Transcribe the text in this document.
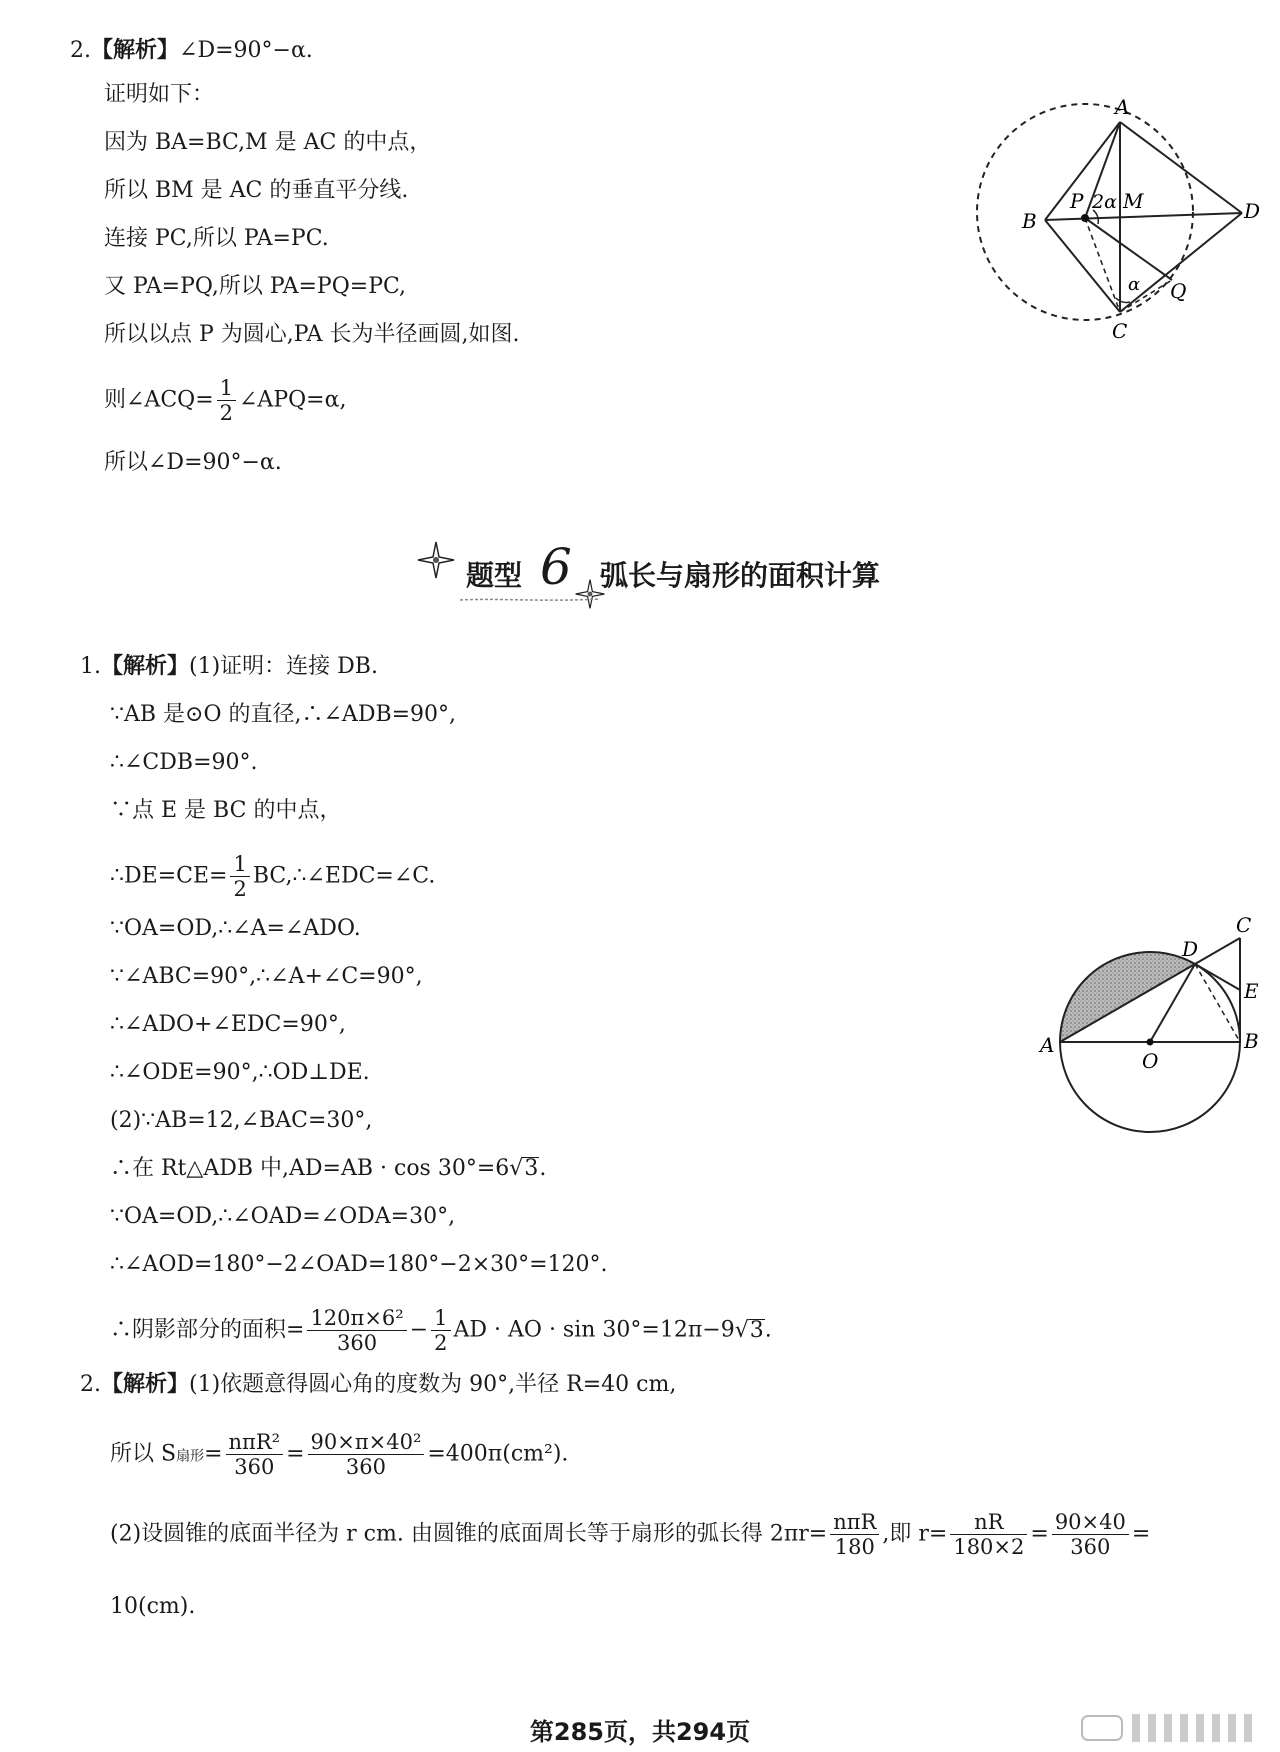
2.【解析】∠D=90°−α.
证明如下：
因为 BA=BC,M 是 AC 的中点，
所以 BM 是 AC 的垂直平分线.
连接 PC,所以 PA=PC.
又 PA=PQ,所以 PA=PQ=PC,
所以以点 P 为圆心,PA 长为半径画圆,如图.
则∠ACQ= $\frac{1}{2}$ ∠APQ=α,
所以∠D=90°−α.
A
B
P 2α M	D
Q
C
α
题型 6 弧长与扇形的面积计算
1.【解析】(1)证明：连接 DB.
∵AB 是⊙O 的直径,∴∠ADB=90°,
∴∠CDB=90°.
∵点 E 是 BC 的中点，
∴DE=CE= $\frac{1}{2}$ BC,∴∠EDC=∠C.
∵OA=OD,∴∠A=∠ADO.
∵∠ABC=90°,∴∠A+∠C=90°,
∴∠ADO+∠EDC=90°,
∴∠ODE=90°,∴OD⊥DE.
(2)∵AB=12,∠BAC=30°,
∴在 Rt△ADB 中,AD=AB · cos 30°=6√3.
∵OA=OD,∴∠OAD=∠ODA=30°,
∴∠AOD=180°−2∠OAD=180°−2×30°=120°.
∴阴影部分的面积= $\frac{\text{120π×6²}}{360} - \frac{1}{2}$ AD · AO · sin 30°=12π−9√3.
A	B
C
D
E
O
2.【解析】(1)依题意得圆心角的度数为 90°,半径 R=40 cm,
所以 S扇形= $\frac{\text{nπR²}}{360} = \frac{\text{90×π×40²}}{360} =400\pi(cm^2)$.
(2)设圆锥的底面半径为 r cm. 由圆锥的底面周长等于扇形的弧长得 $2\pi r= \frac{\text{nπR}}{180}$ ,即 $r= \frac{nR}{180\times 2} = \frac{90\times 40}{360}$ =
10(cm).
第285页，共294页
